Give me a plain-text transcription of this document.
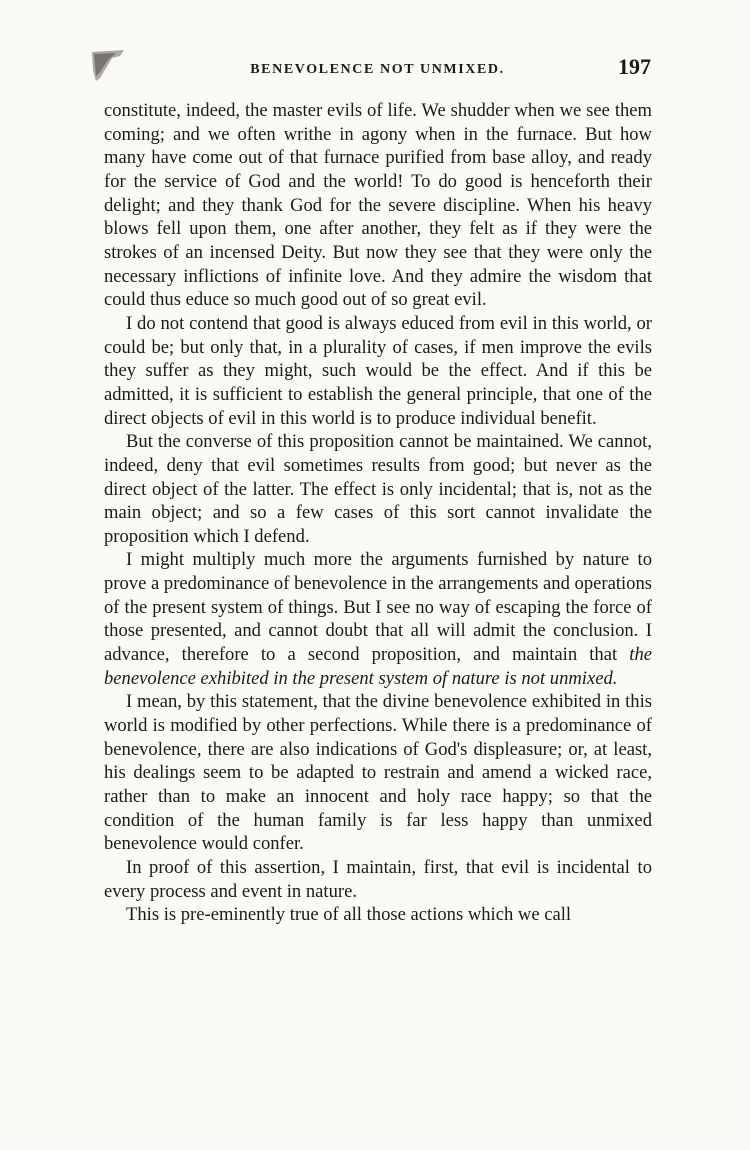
BENEVOLENCE NOT UNMIXED.	197

constitute, indeed, the master evils of life. We shudder when we see them coming; and we often writhe in agony when in the furnace. But how many have come out of that furnace purified from base alloy, and ready for the service of God and the world! To do good is henceforth their delight; and they thank God for the severe discipline. When his heavy blows fell upon them, one after another, they felt as if they were the strokes of an incensed Deity. But now they see that they were only the necessary inflictions of infinite love. And they admire the wisdom that could thus educe so much good out of so great evil.

I do not contend that good is always educed from evil in this world, or could be; but only that, in a plurality of cases, if men improve the evils they suffer as they might, such would be the effect. And if this be admitted, it is sufficient to establish the general principle, that one of the direct objects of evil in this world is to produce individual benefit.

But the converse of this proposition cannot be maintained. We cannot, indeed, deny that evil sometimes results from good; but never as the direct object of the latter. The effect is only incidental; that is, not as the main object; and so a few cases of this sort cannot invalidate the proposition which I defend.

I might multiply much more the arguments furnished by nature to prove a predominance of benevolence in the arrangements and operations of the present system of things. But I see no way of escaping the force of those presented, and cannot doubt that all will admit the conclusion. I advance, therefore to a second proposition, and maintain that the benevolence exhibited in the present system of nature is not unmixed.

I mean, by this statement, that the divine benevolence exhibited in this world is modified by other perfections. While there is a predominance of benevolence, there are also indications of God's displeasure; or, at least, his dealings seem to be adapted to restrain and amend a wicked race, rather than to make an innocent and holy race happy; so that the condition of the human family is far less happy than unmixed benevolence would confer.

In proof of this assertion, I maintain, first, that evil is incidental to every process and event in nature.

This is pre-eminently true of all those actions which we call
